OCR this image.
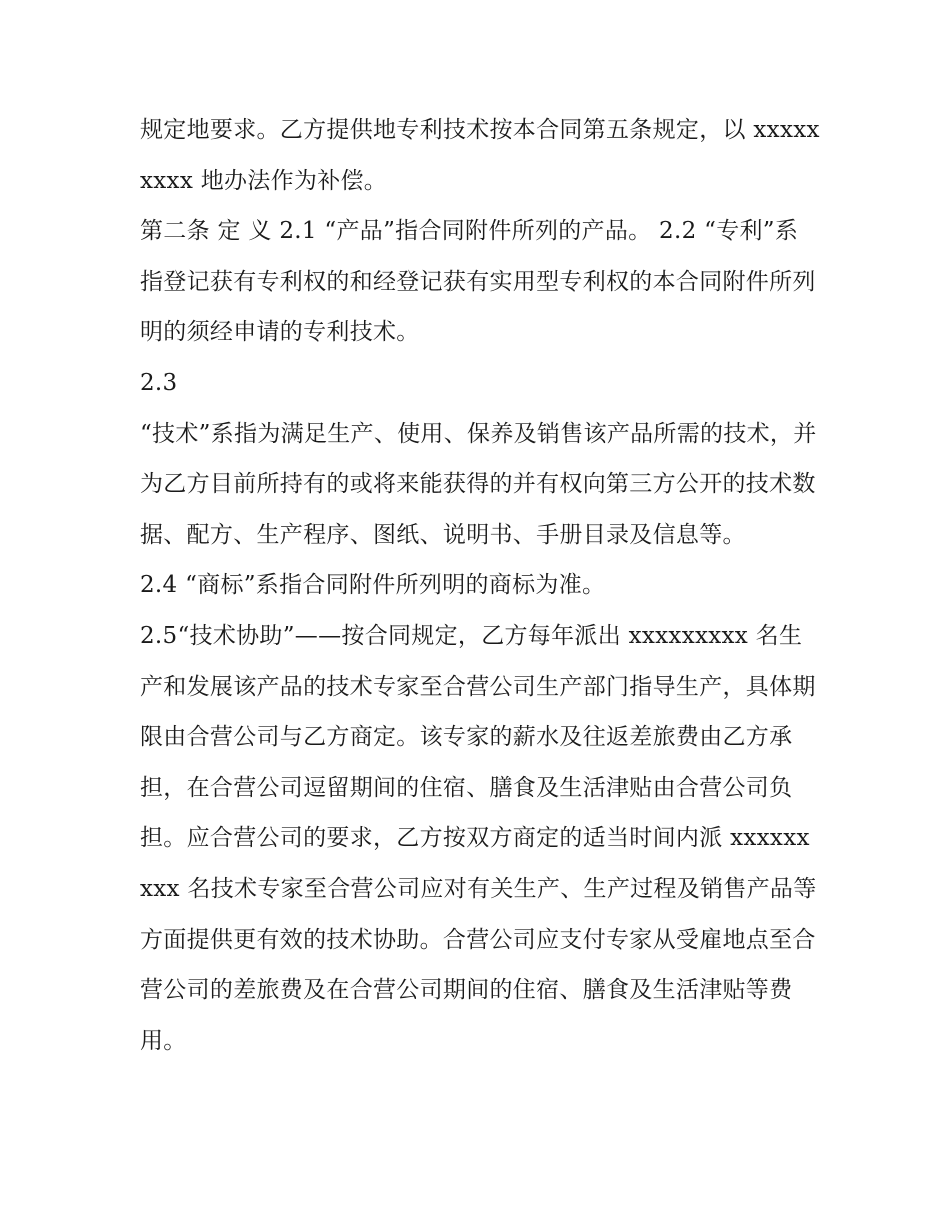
规定地要求。乙方提供地专利技术按本合同第五条规定，以 xxxxxxxxx 地办法作为补偿。

第二条 定 义 2.1 “产品”指合同附件所列的产品。 2.2 “专利”系指登记获有专利权的和经登记获有实用型专利权的本合同附件所列明的须经申请的专利技术。

2.3

“技术”系指为满足生产、使用、保养及销售该产品所需的技术，并为乙方目前所持有的或将来能获得的并有权向第三方公开的技术数据、配方、生产程序、图纸、说明书、手册目录及信息等。

2.4 “商标”系指合同附件所列明的商标为准。

2.5“技术协助”——按合同规定，乙方每年派出 xxxxxxxxx 名生产和发展该产品的技术专家至合营公司生产部门指导生产，具体期限由合营公司与乙方商定。该专家的薪水及往返差旅费由乙方承担，在合营公司逗留期间的住宿、膳食及生活津贴由合营公司负担。应合营公司的要求，乙方按双方商定的适当时间内派 xxxxxxxxx 名技术专家至合营公司应对有关生产、生产过程及销售产品等方面提供更有效的技术协助。合营公司应支付专家从受雇地点至合营公司的差旅费及在合营公司期间的住宿、膳食及生活津贴等费用。
